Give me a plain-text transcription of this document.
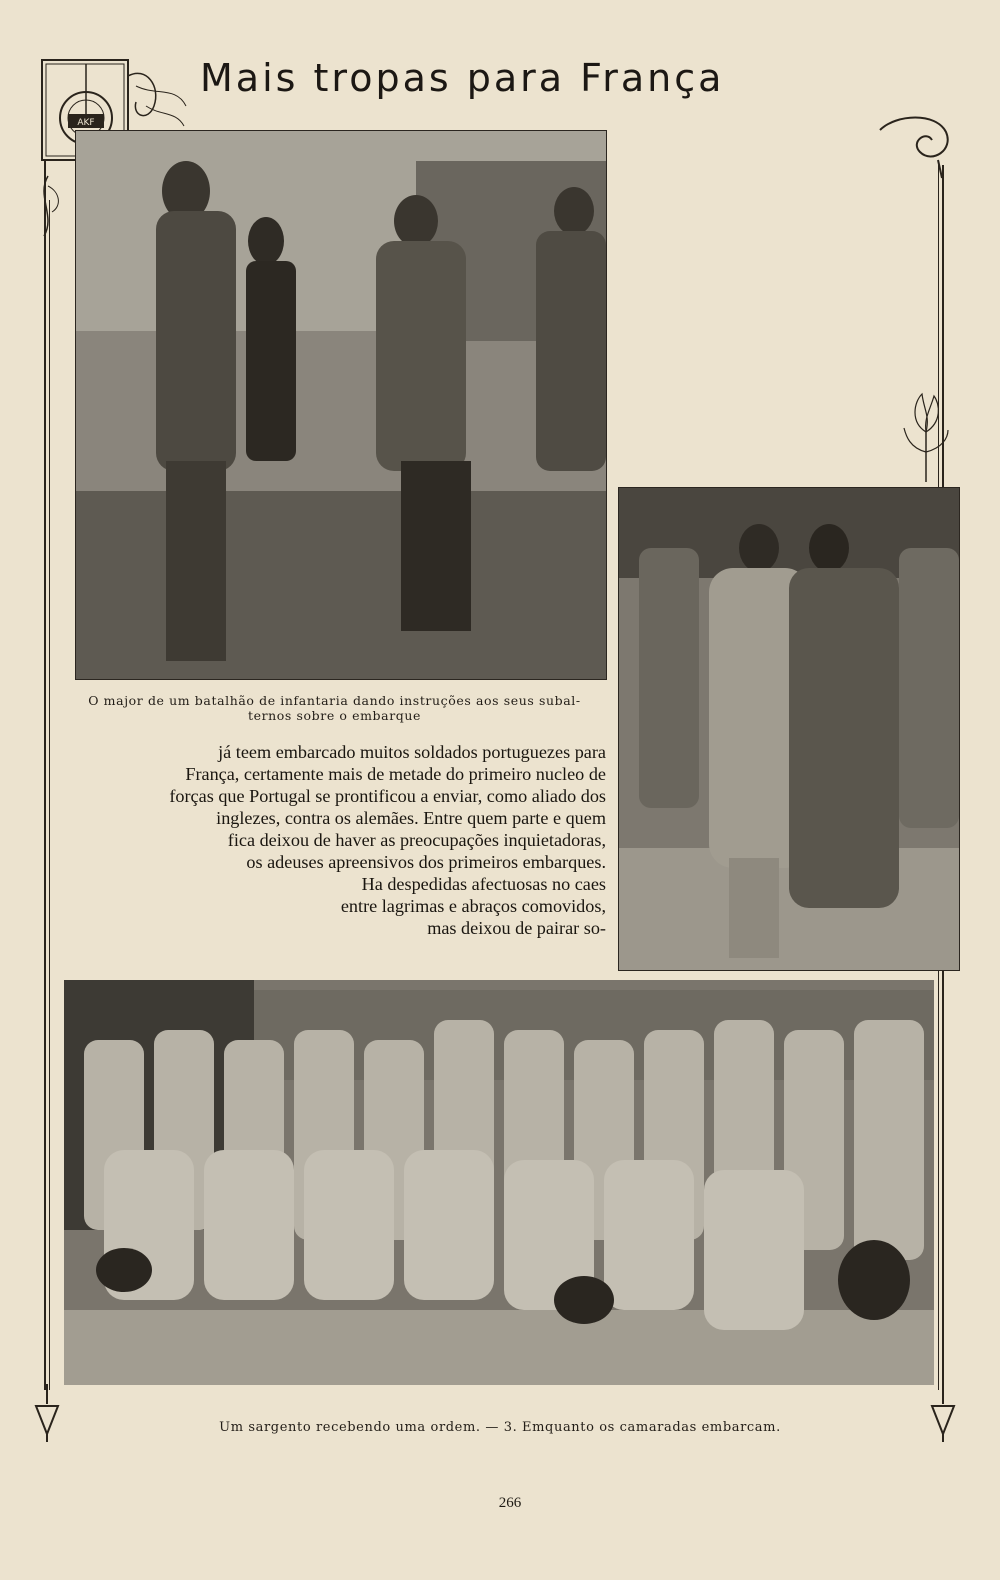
AKF
Mais tropas para França
O major de um batalhão de infantaria dando instruções aos seus subal-
ternos sobre o embarque
já teem embarcado muitos soldados portuguezes para
França, certamente mais de metade do primeiro nucleo de
forças que Portugal se prontificou a enviar, como aliado dos
inglezes, contra os alemães. Entre quem parte e quem
fica deixou de haver as preocupações inquietadoras,
os adeuses apreensivos dos primeiros embarques.
Ha despedidas afectuosas no caes
entre lagrimas e abraços comovidos,
mas deixou de pairar so-
Um sargento recebendo uma ordem. — 3. Emquanto os camaradas embarcam.
266
